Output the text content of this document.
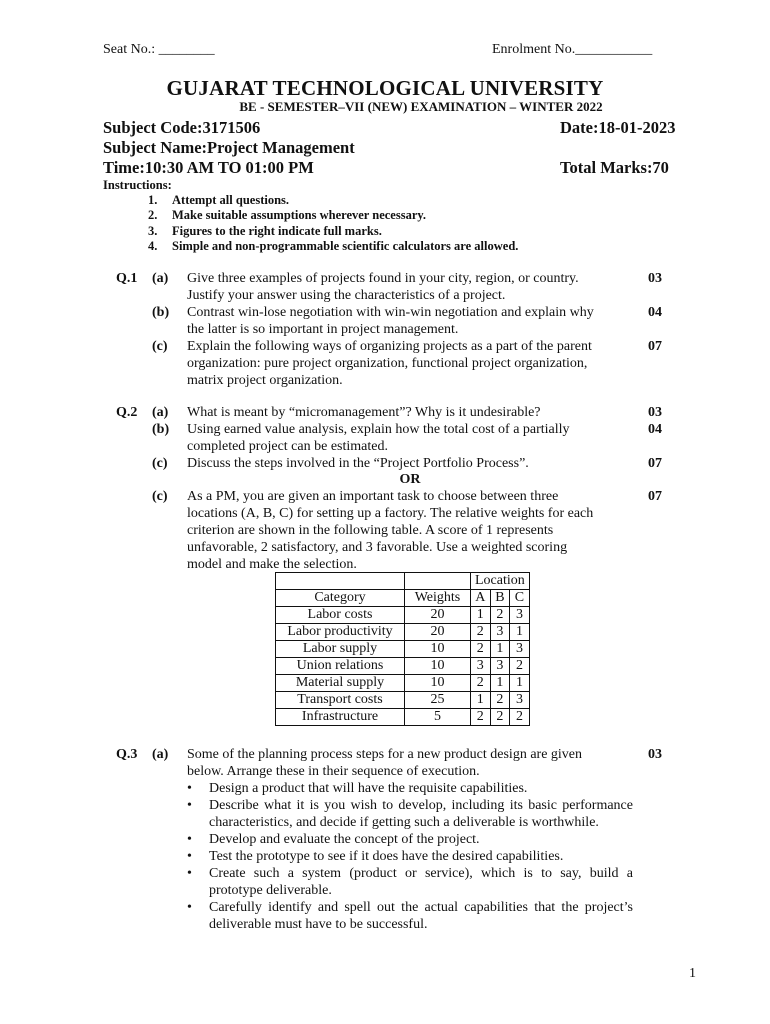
Seat No.: ________	Enrolment No.___________
GUJARAT TECHNOLOGICAL UNIVERSITY
BE - SEMESTER–VII (NEW) EXAMINATION – WINTER 2022
Subject Code:3171506	Date:18-01-2023
Subject Name:Project Management
Time:10:30 AM TO 01:00 PM	Total Marks:70
Instructions:
1.	Attempt all questions.
2.	Make suitable assumptions wherever necessary.
3.	Figures to the right indicate full marks.
4.	Simple and non-programmable scientific calculators are allowed.
Q.1 (a) Give three examples of projects found in your city, region, or country.
Justify your answer using the characteristics of a project.
03
(b) Contrast win-lose negotiation with win-win negotiation and explain why
the latter is so important in project management.
04
(c) Explain the following ways of organizing projects as a part of the parent
organization: pure project organization, functional project organization,
matrix project organization.
07
Q.2 (a) What is meant by “micromanagement”? Why is it undesirable?	03
(b) Using earned value analysis, explain how the total cost of a partially
completed project can be estimated.
04
(c) Discuss the steps involved in the “Project Portfolio Process”.	07
OR
(c) As a PM, you are given an important task to choose between three
locations (A, B, C) for setting up a factory. The relative weights for each
criterion are shown in the following table. A score of 1 represents
unfavorable, 2 satisfactory, and 3 favorable. Use a weighted scoring
model and make the selection.
07
		Location		
Category	Weights	A	B	C
Labor costs	20	1	2	3
Labor productivity	20	2	3	1
Labor supply	10	2	1	3
Union relations	10	3	3	2
Material supply	10	2	1	1
Transport costs	25	1	2	3
Infrastructure	5	2	2	2
Q.3 (a) Some of the planning process steps for a new product design are given
below. Arrange these in their sequence of execution.
03
• Design a product that will have the requisite capabilities.
• Describe what it is you wish to develop, including its basic performance characteristics, and decide if getting such a deliverable is worthwhile.
• Develop and evaluate the concept of the project.
• Test the prototype to see if it does have the desired capabilities.
• Create such a system (product or service), which is to say, build a prototype deliverable.
• Carefully identify and spell out the actual capabilities that the project’s deliverable must have to be successful.
1
